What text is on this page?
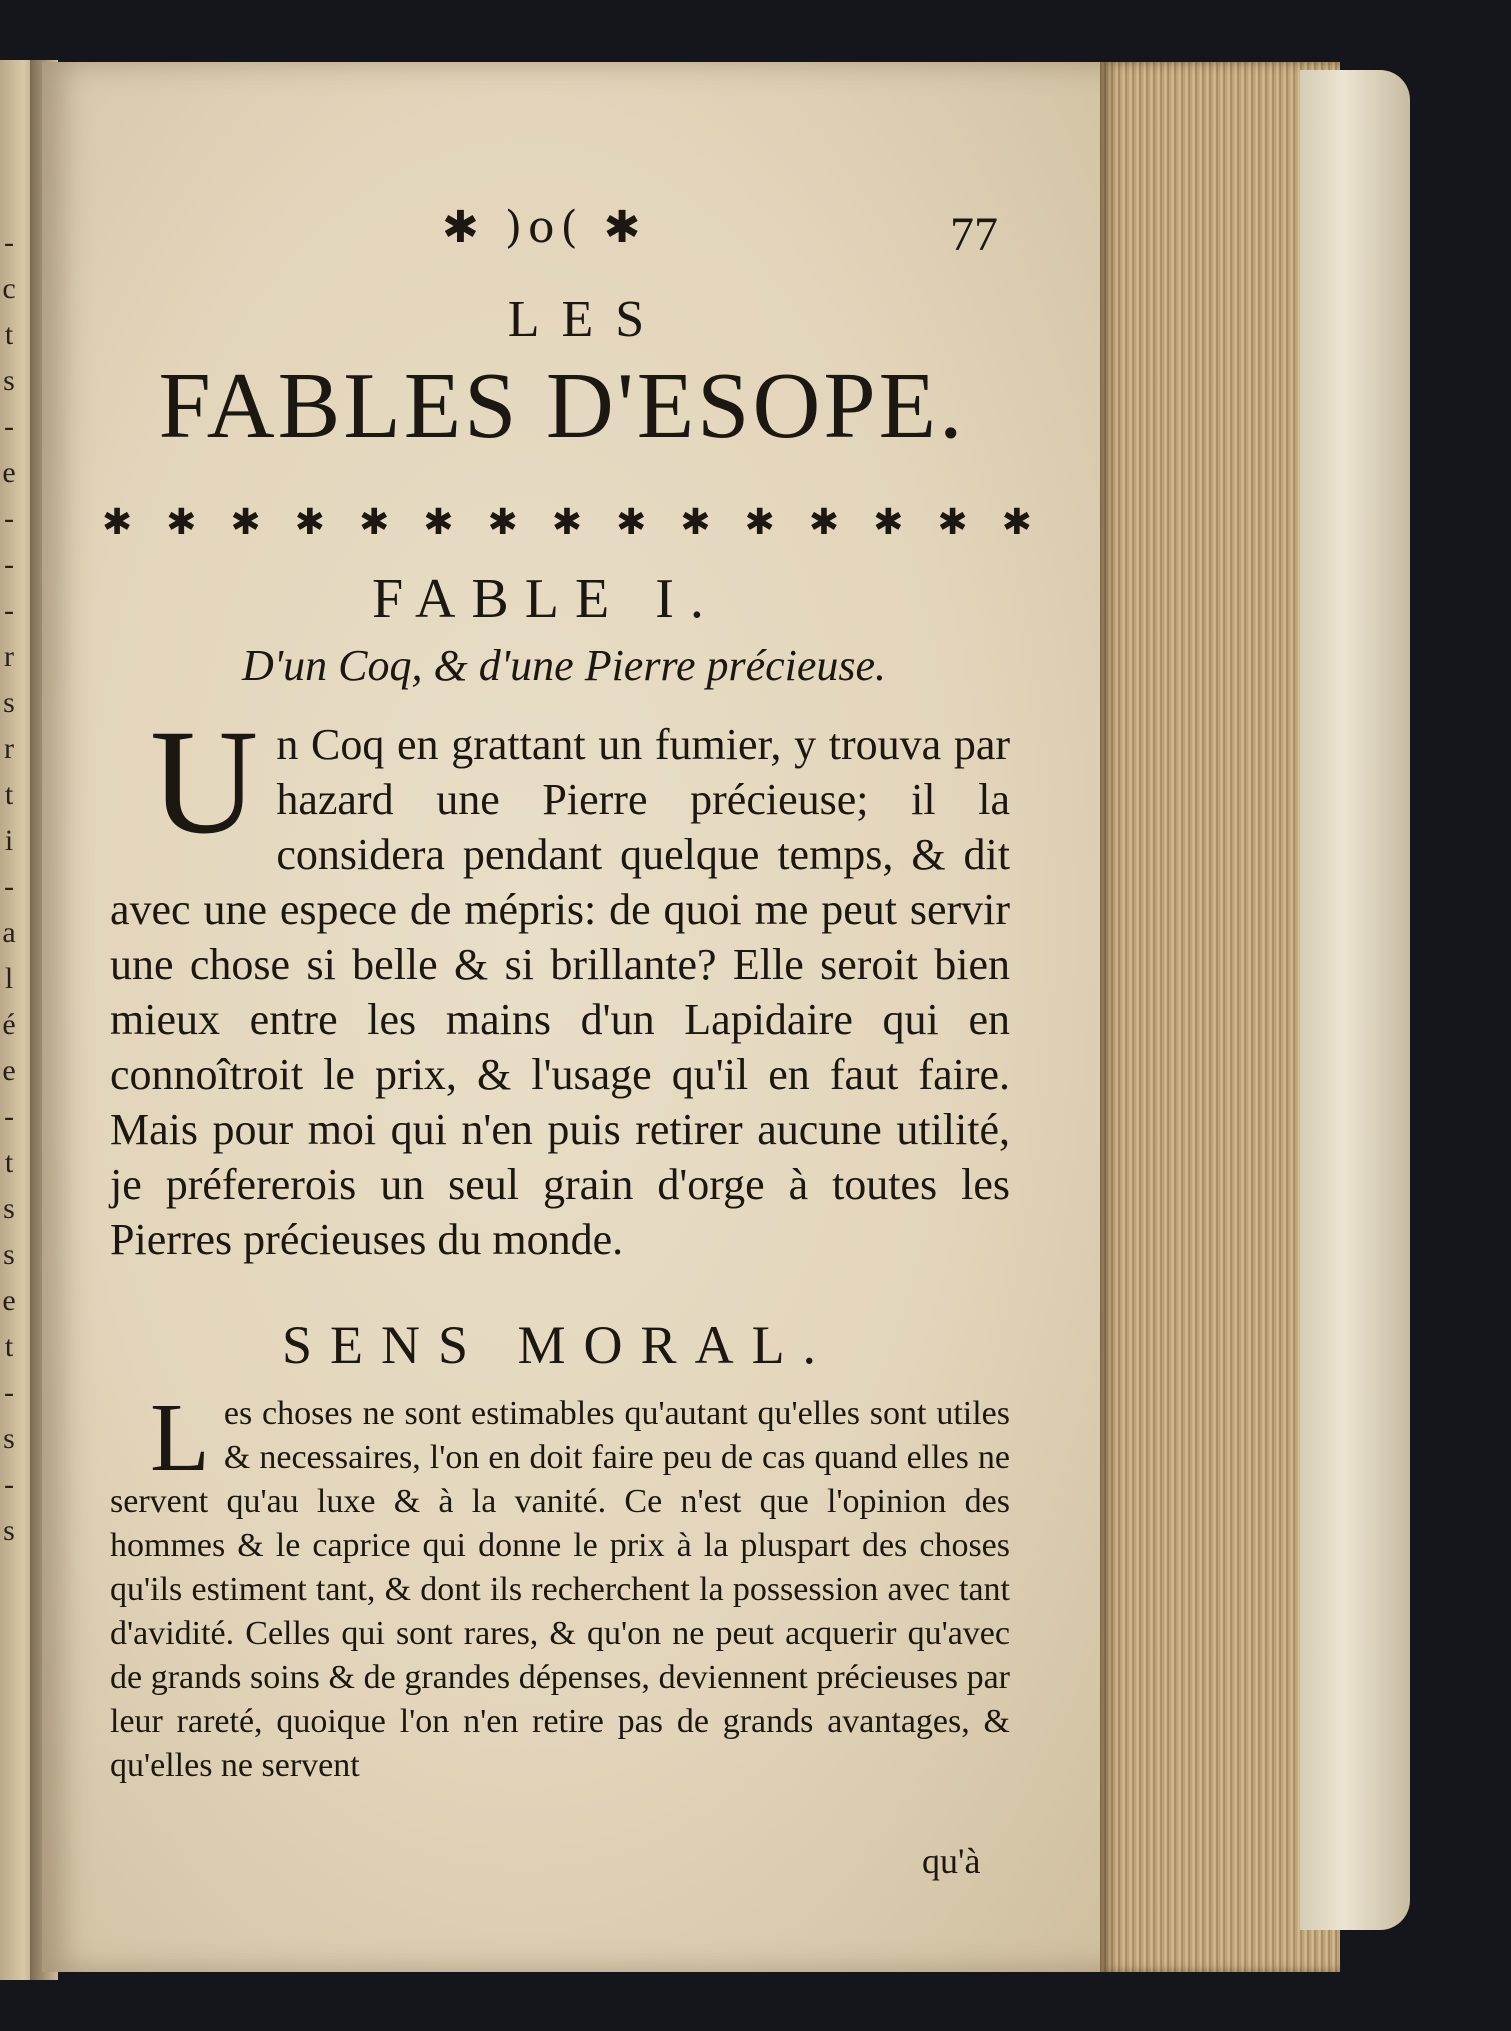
-
c
t
s
-
e
-
-
-
r
s
r
t
i
-
a
l
é
e
-
t
s
s
e
t
-
s
-
s
✱ )o( ✱	77
LES
FABLES D'ESOPE.
✱ ✱ ✱ ✱ ✱ ✱ ✱ ✱ ✱ ✱ ✱ ✱ ✱ ✱ ✱
FABLE I.
D'un Coq, & d'une Pierre précieuse.
U n Coq en grattant un fumier, y trouva par hazard une Pierre précieuse; il la considera pendant quelque temps, & dit avec une espece de mépris: de quoi me peut servir une chose si belle & si brillante? Elle seroit bien mieux entre les mains d'un Lapidaire qui en connoîtroit le prix, & l'usage qu'il en faut faire. Mais pour moi qui n'en puis retirer aucune utilité, je préfererois un seul grain d'orge à toutes les Pierres précieuses du monde.
SENS MORAL.
L es choses ne sont estimables qu'autant qu'elles sont utiles & necessaires, l'on en doit faire peu de cas quand elles ne servent qu'au luxe & à la vanité. Ce n'est que l'opinion des hommes & le caprice qui donne le prix à la pluspart des choses qu'ils estiment tant, & dont ils recherchent la possession avec tant d'avidité. Celles qui sont rares, & qu'on ne peut acquerir qu'avec de grands soins & de grandes dépenses, deviennent précieuses par leur rareté, quoique l'on n'en retire pas de grands avantages, & qu'elles ne servent
qu'à
